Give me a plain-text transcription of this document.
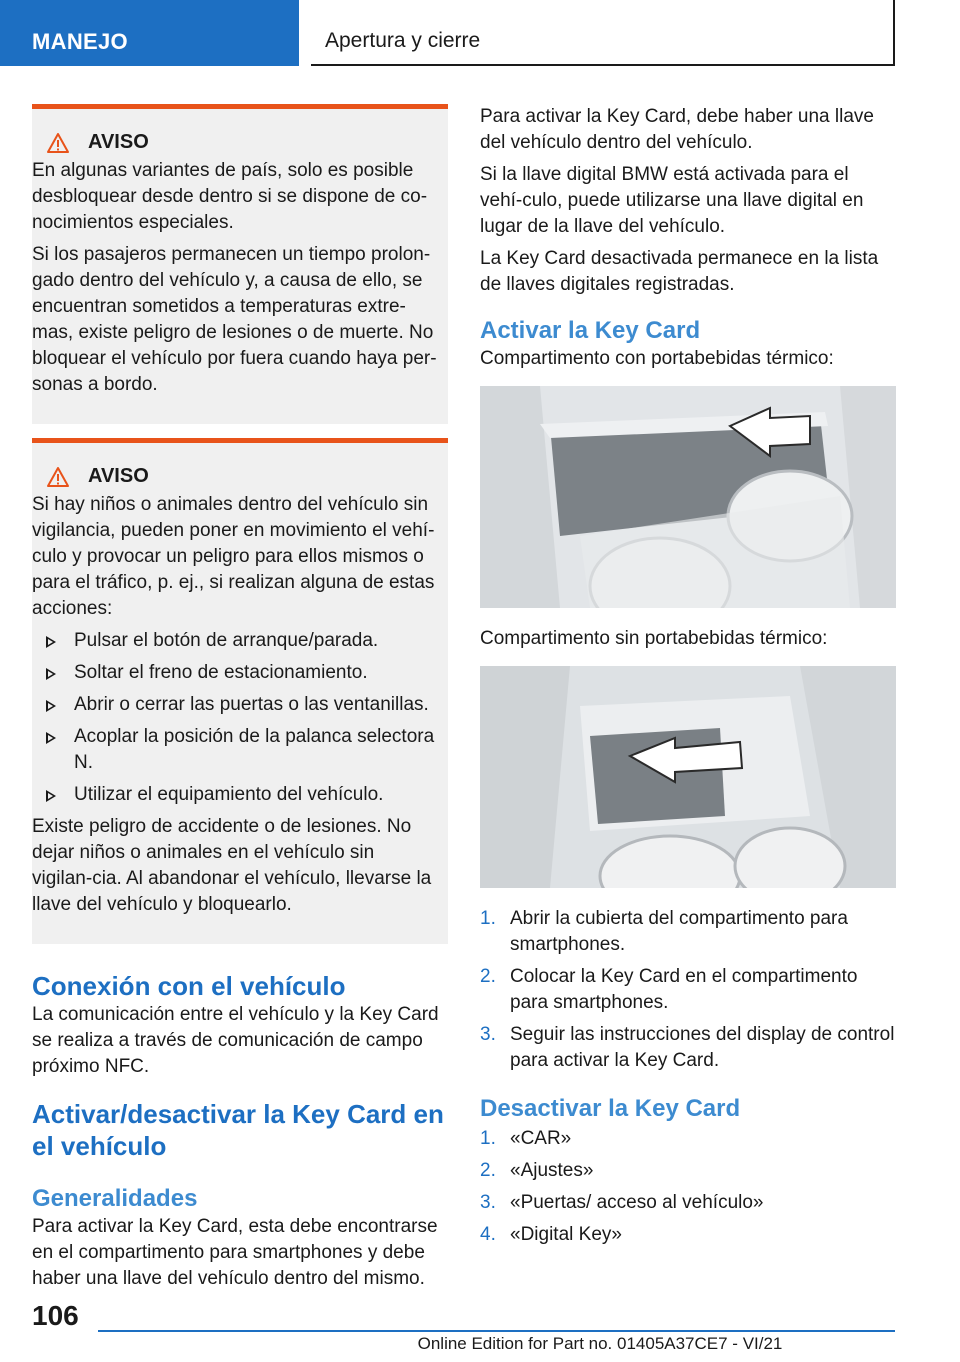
MANEJO	Apertura y cierre
AVISO

En algunas variantes de país, solo es posible desbloquear desde dentro si se dispone de co-nocimientos especiales.

Si los pasajeros permanecen un tiempo prolon-gado dentro del vehículo y, a causa de ello, se encuentran sometidos a temperaturas extre-mas, existe peligro de lesiones o de muerte. No bloquear el vehículo por fuera cuando haya per-sonas a bordo.

AVISO

Si hay niños o animales dentro del vehículo sin vigilancia, pueden poner en movimiento el vehí-culo y provocar un peligro para ellos mismos o para el tráfico, p. ej., si realizan alguna de estas acciones:

Pulsar el botón de arranque/parada.
Soltar el freno de estacionamiento.
Abrir o cerrar las puertas o las ventanillas.
Acoplar la posición de la palanca selectora N.
Utilizar el equipamiento del vehículo.

Existe peligro de accidente o de lesiones. No dejar niños o animales en el vehículo sin vigilan-cia. Al abandonar el vehículo, llevarse la llave del vehículo y bloquearlo.

Conexión con el vehículo

La comunicación entre el vehículo y la Key Card se realiza a través de comunicación de campo próximo NFC.

Activar/desactivar la Key Card en el vehículo
Generalidades

Para activar la Key Card, esta debe encontrarse en el compartimento para smartphones y debe haber una llave del vehículo dentro del mismo.

Para activar la Key Card, debe haber una llave del vehículo dentro del vehículo.

Si la llave digital BMW está activada para el vehí-culo, puede utilizarse una llave digital en lugar de la llave del vehículo.

La Key Card desactivada permanece en la lista de llaves digitales registradas.

Activar la Key Card

Compartimento con portabebidas térmico:

Compartimento sin portabebidas térmico:

1. Abrir la cubierta del compartimento para smartphones.
2. Colocar la Key Card en el compartimento para smartphones.
3. Seguir las instrucciones del display de control para activar la Key Card.
Desactivar la Key Card
1. «CAR»
2. «Ajustes»
3. «Puertas/ acceso al vehículo»
4. «Digital Key»
106
Online Edition for Part no. 01405A37CE7 - VI/21
